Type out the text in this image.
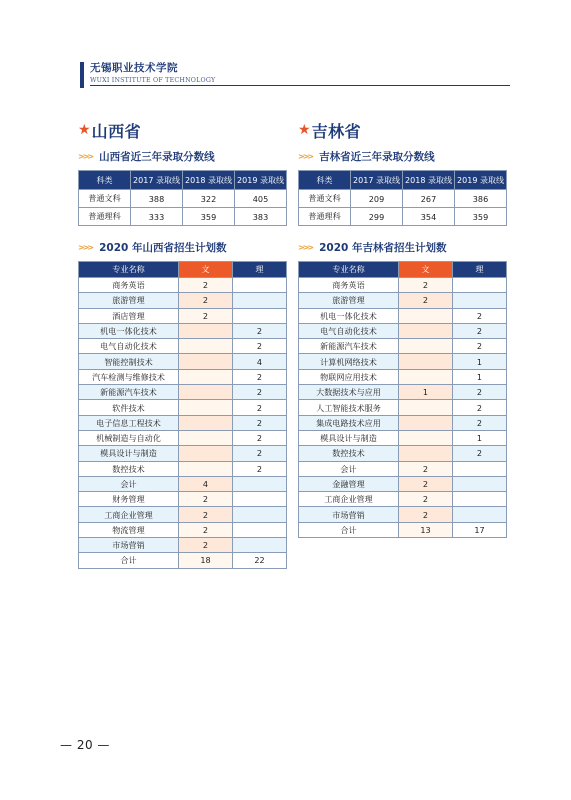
无锡职业技术学院
WUXI INSTITUTE OF TECHNOLOGY
★ 山西省
>>> 山西省近三年录取分数线
科类	2017 录取线	2018 录取线	2019 录取线
普通文科	388	322	405
普通理科	333	359	383
>>> 2020 年山西省招生计划数
专业名称	文	理
商务英语	2	
旅游管理	2	
酒店管理	2	
机电一体化技术		2
电气自动化技术		2
智能控制技术		4
汽车检测与维修技术		2
新能源汽车技术		2
软件技术		2
电子信息工程技术		2
机械制造与自动化		2
模具设计与制造		2
数控技术		2
会计	4	
财务管理	2	
工商企业管理	2	
物流管理	2	
市场营销	2	
合计	18	22
★ 吉林省
>>> 吉林省近三年录取分数线
科类	2017 录取线	2018 录取线	2019 录取线
普通文科	209	267	386
普通理科	299	354	359
>>> 2020 年吉林省招生计划数
专业名称	文	理
商务英语	2	
旅游管理	2	
机电一体化技术		2
电气自动化技术		2
新能源汽车技术		2
计算机网络技术		1
物联网应用技术		1
大数据技术与应用	1	2
人工智能技术服务		2
集成电路技术应用		2
模具设计与制造		1
数控技术		2
会计	2	
金融管理	2	
工商企业管理	2	
市场营销	2	
合计	13	17
— 20 —
